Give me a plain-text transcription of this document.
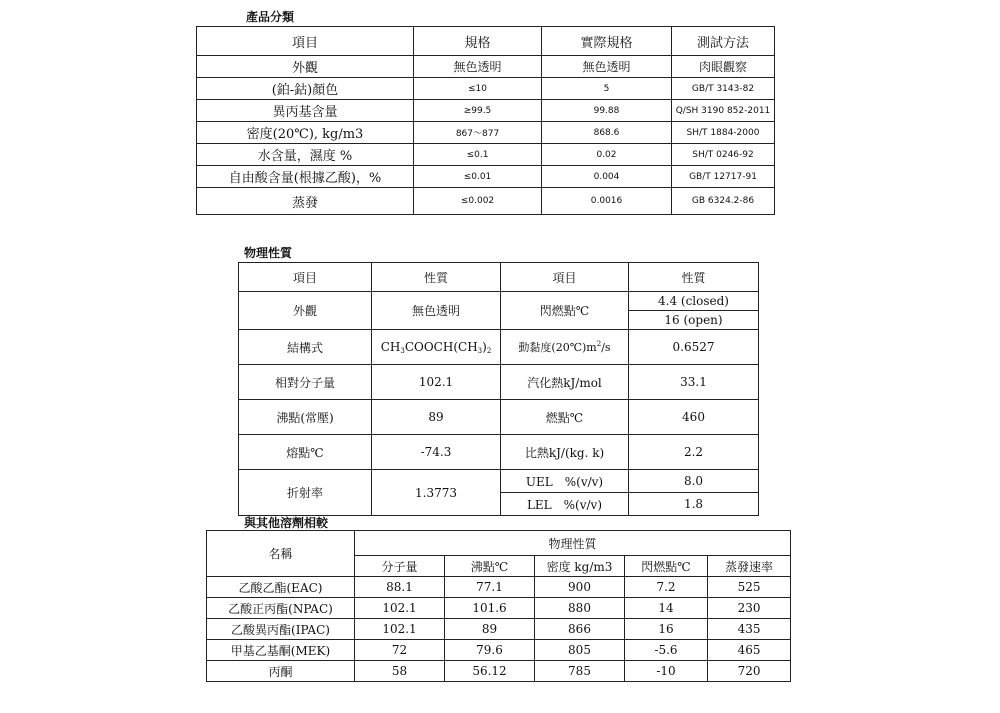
產品分類
項目	規格	實際規格	測試方法
外觀	無色透明	無色透明	肉眼觀察
(鉑-鈷)顏色	≤10	5	GB/T 3143-82
異丙基含量	≥99.5	99.88	Q/SH 3190 852-2011
密度(20℃), kg/m3	867～877	868.6	SH/T 1884-2000
水含量，濕度 %	≤0.1	0.02	SH/T 0246-92
自由酸含量(根據乙酸)，%	≤0.01	0.004	GB/T 12717-91
蒸發	≤0.002	0.0016	GB 6324.2-86
物理性質
項目	性質	項目	性質
外觀	無色透明	閃燃點℃	4.4 (closed)
			16 (open)
結構式	$CH_3COOCH(CH_3)_2$	動黏度$(20℃)m^2/s$	0.6527
相對分子量	102.1	汽化熱kJ/mol	33.1
沸點(常壓)	89	燃點℃	460
熔點℃	-74.3	比熱kJ/(kg. k)	2.2
折射率	1.3773	UEL　%(v/v)	8.0
		LEL　%(v/v)	1.8
與其他溶劑相較
名稱	物理性質				
	分子量	沸點℃	密度 kg/m3	閃燃點℃	蒸發速率
乙酸乙酯(EAC)	88.1	77.1	900	7.2	525
乙酸正丙酯(NPAC)	102.1	101.6	880	14	230
乙酸異丙酯(IPAC)	102.1	89	866	16	435
甲基乙基酮(MEK)	72	79.6	805	-5.6	465
丙酮	58	56.12	785	-10	720
